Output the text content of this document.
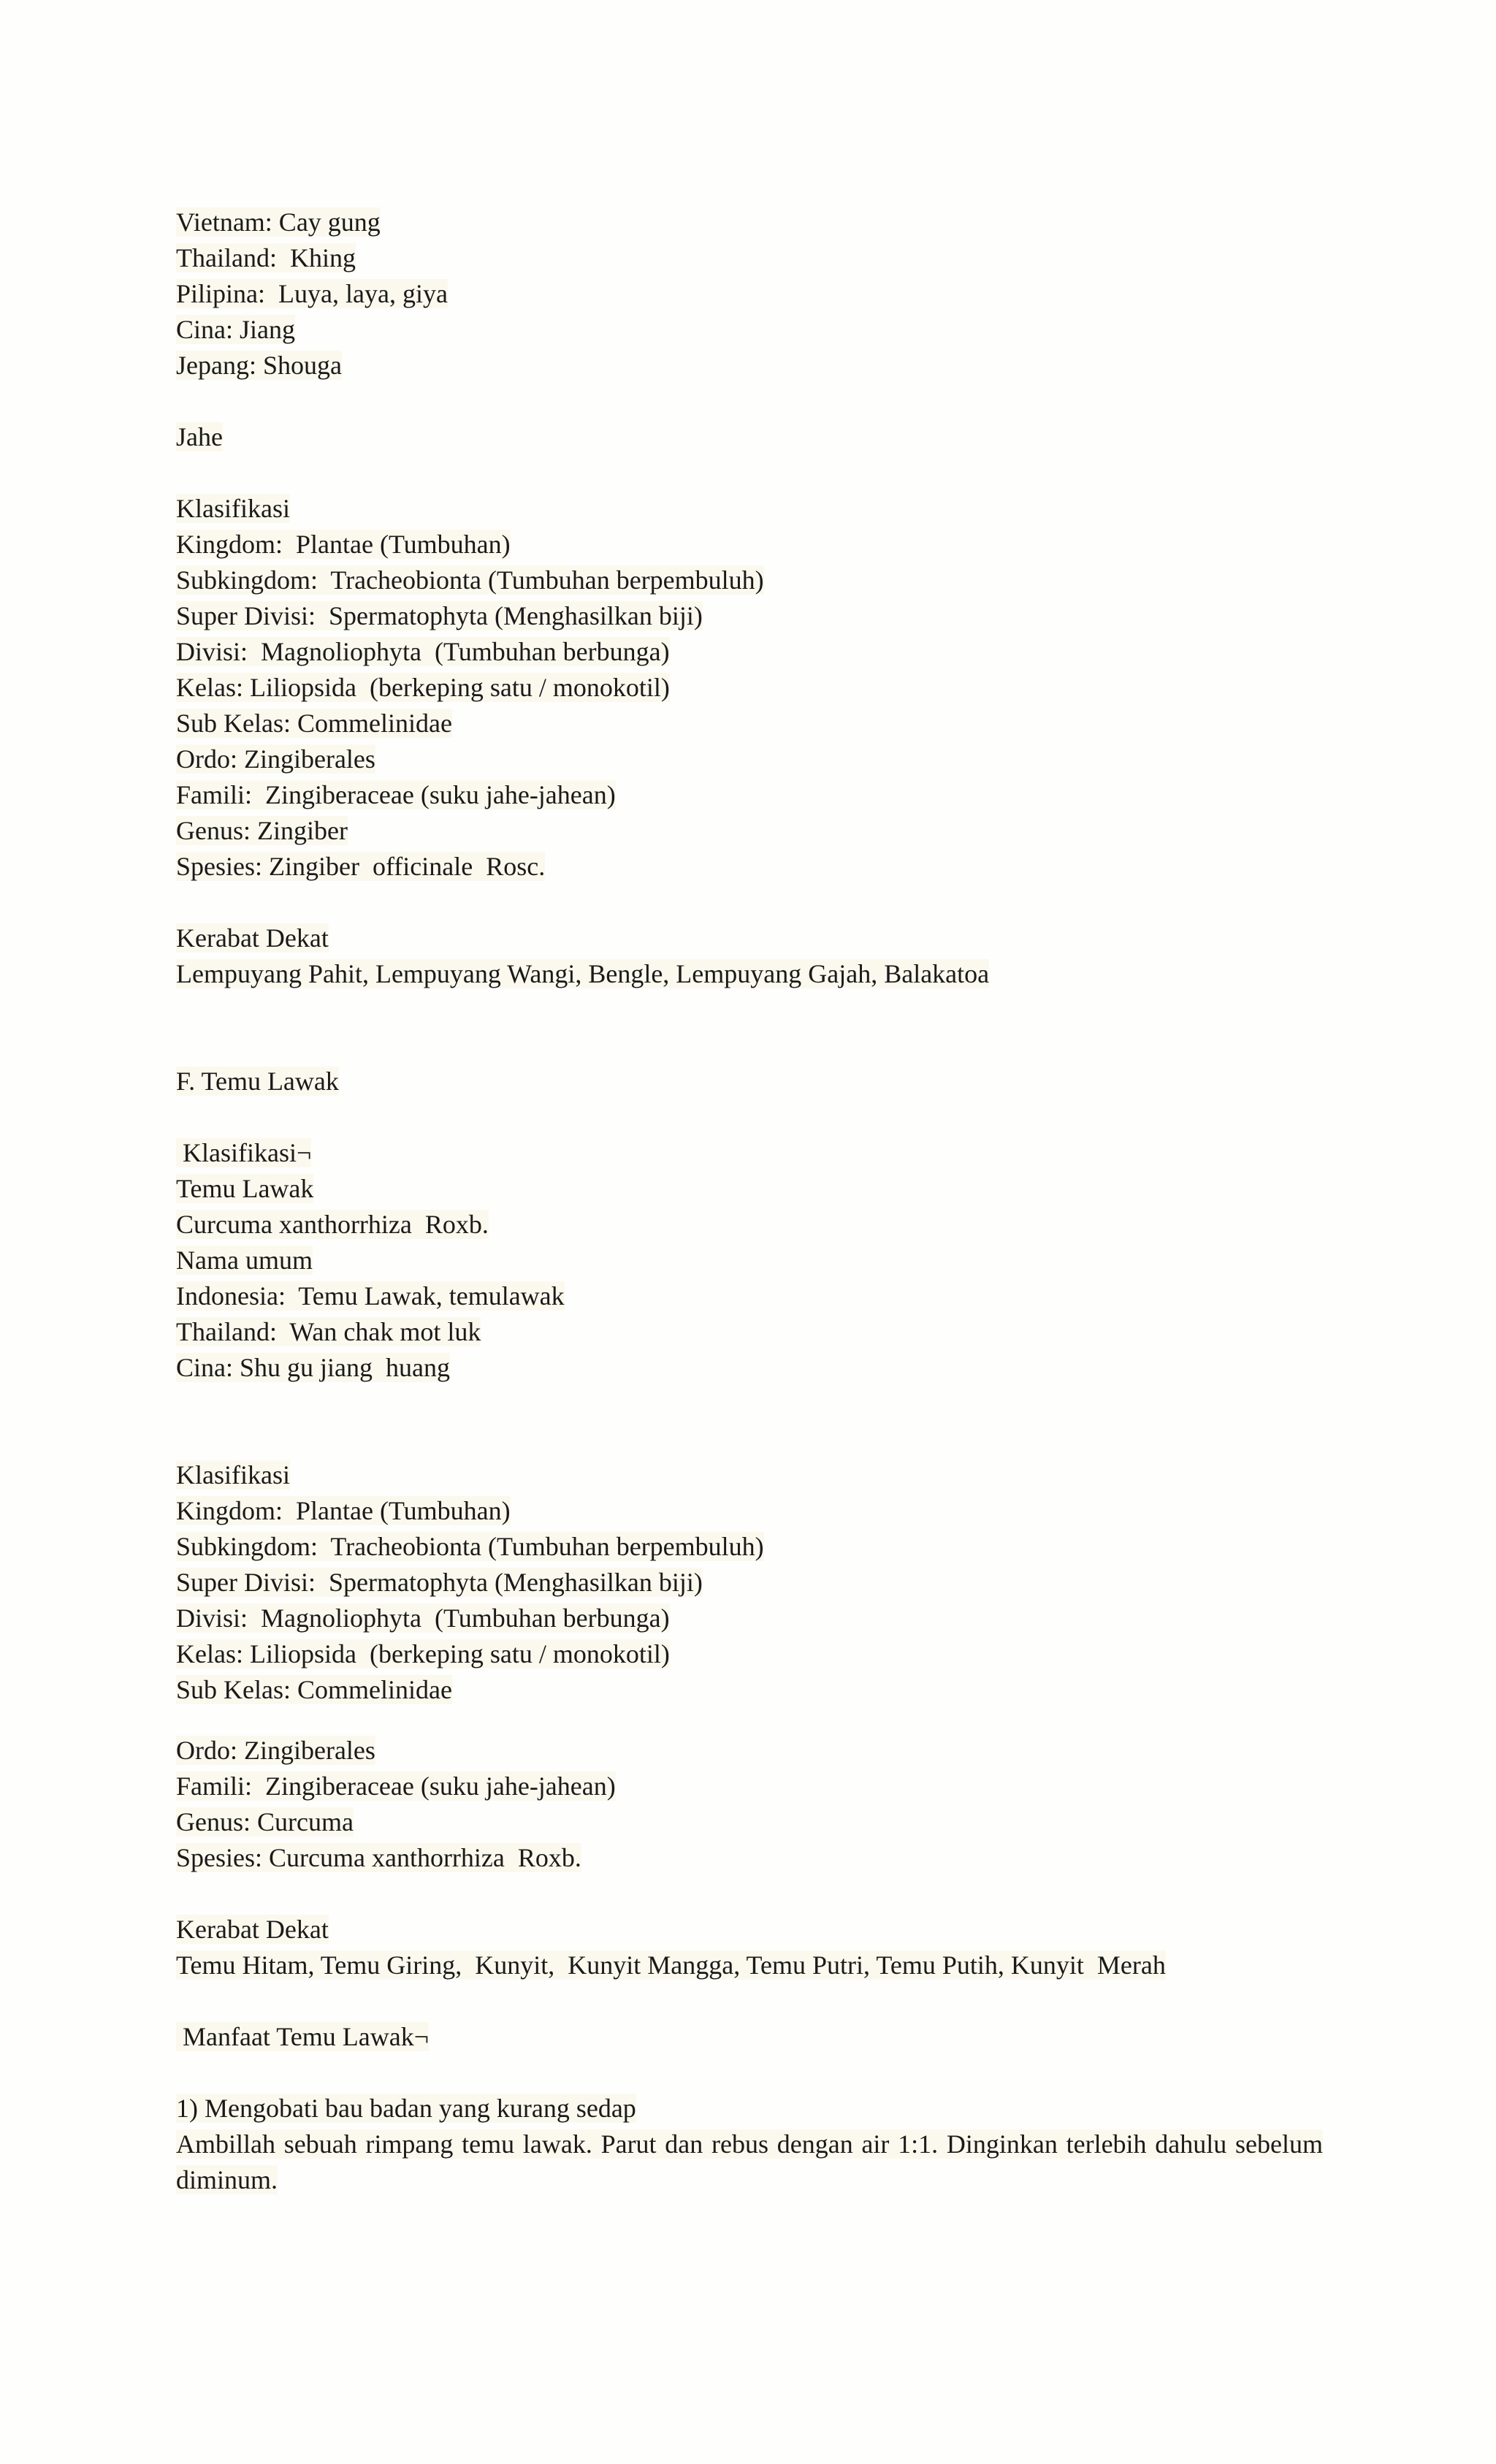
Vietnam: Cay gung
Thailand:  Khing
Pilipina:  Luya, laya, giya
Cina: Jiang
Jepang: Shouga
Jahe
Klasifikasi
Kingdom:  Plantae (Tumbuhan)
Subkingdom:  Tracheobionta (Tumbuhan berpembuluh)
Super Divisi:  Spermatophyta (Menghasilkan biji)
Divisi:  Magnoliophyta  (Tumbuhan berbunga)
Kelas: Liliopsida  (berkeping satu / monokotil)
Sub Kelas: Commelinidae
Ordo: Zingiberales
Famili:  Zingiberaceae (suku jahe-jahean)
Genus: Zingiber
Spesies: Zingiber  officinale  Rosc.
Kerabat Dekat
Lempuyang Pahit, Lempuyang Wangi, Bengle, Lempuyang Gajah, Balakatoa
F. Temu Lawak
Klasifikasi¬
Temu Lawak
Curcuma xanthorrhiza  Roxb.
Nama umum
Indonesia:  Temu Lawak, temulawak
Thailand:  Wan chak mot luk
Cina: Shu gu jiang  huang
Klasifikasi
Kingdom:  Plantae (Tumbuhan)
Subkingdom:  Tracheobionta (Tumbuhan berpembuluh)
Super Divisi:  Spermatophyta (Menghasilkan biji)
Divisi:  Magnoliophyta  (Tumbuhan berbunga)
Kelas: Liliopsida  (berkeping satu / monokotil)
Sub Kelas: Commelinidae
Ordo: Zingiberales
Famili:  Zingiberaceae (suku jahe-jahean)
Genus: Curcuma
Spesies: Curcuma xanthorrhiza  Roxb.
Kerabat Dekat
Temu Hitam, Temu Giring,  Kunyit,  Kunyit Mangga, Temu Putri, Temu Putih, Kunyit  Merah
Manfaat Temu Lawak¬
1) Mengobati bau badan yang kurang sedap
Ambillah sebuah rimpang temu lawak. Parut dan rebus dengan air 1:1. Dinginkan terlebih dahulu sebelum diminum.
